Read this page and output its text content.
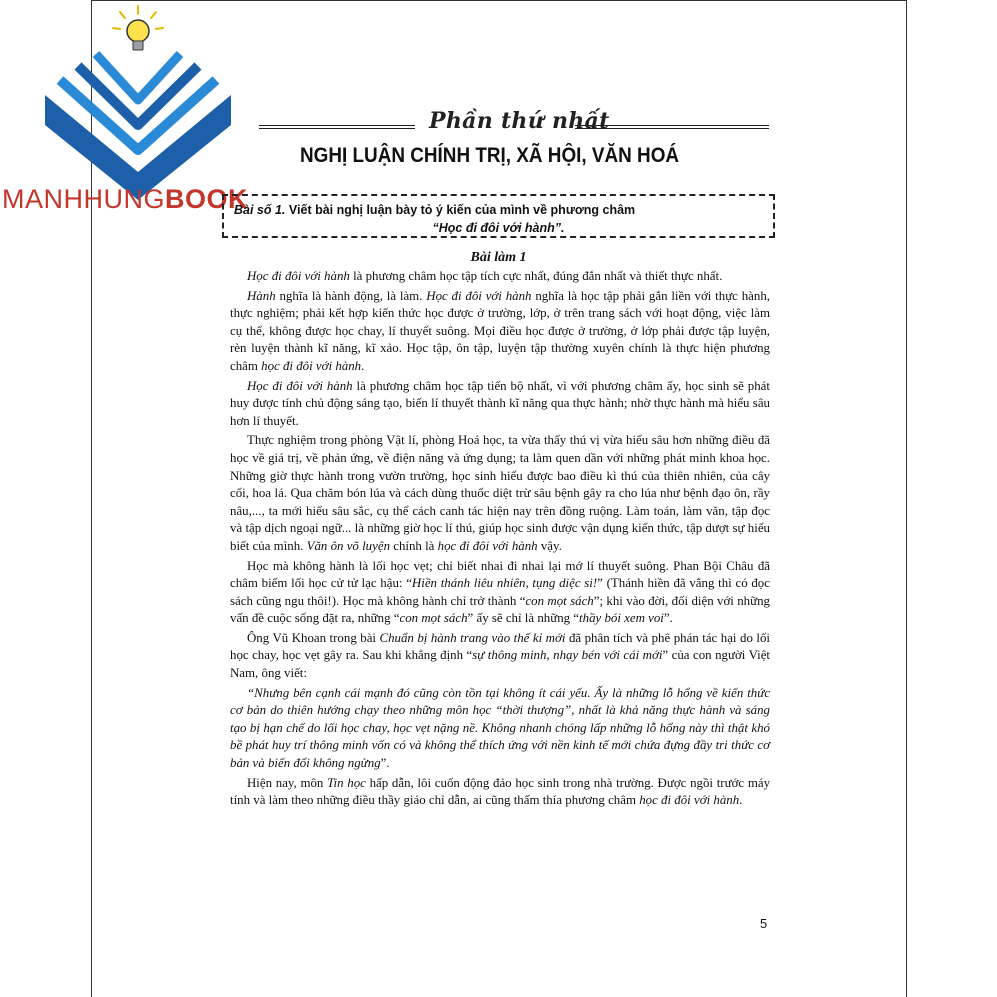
MANHHUNGBOOK
Phần thứ nhất
NGHỊ LUẬN CHÍNH TRỊ, XÃ HỘI, VĂN HOÁ
Bài số 1. Viết bài nghị luận bày tỏ ý kiến của mình về phương châm
“Học đi đôi với hành”.
Bài làm 1

Học đi đôi với hành là phương châm học tập tích cực nhất, đúng đắn nhất và thiết thực nhất.

Hành nghĩa là hành động, là làm. Học đi đôi với hành nghĩa là học tập phải gắn liền với thực hành, thực nghiệm; phải kết hợp kiến thức học được ở trường, lớp, ở trên trang sách với hoạt động, việc làm cụ thể, không được học chay, lí thuyết suông. Mọi điều học được ở trường, ở lớp phải được tập luyện, rèn luyện thành kĩ năng, kĩ xảo. Học tập, ôn tập, luyện tập thường xuyên chính là thực hiện phương châm học đi đôi với hành.

Học đi đôi với hành là phương châm học tập tiến bộ nhất, vì với phương châm ấy, học sinh sẽ phát huy được tính chủ động sáng tạo, biến lí thuyết thành kĩ năng qua thực hành; nhờ thực hành mà hiểu sâu hơn lí thuyết.

Thực nghiệm trong phòng Vật lí, phòng Hoá học, ta vừa thấy thú vị vừa hiểu sâu hơn những điều đã học về giá trị, về phản ứng, về điện năng và ứng dụng; ta làm quen dần với những phát minh khoa học. Những giờ thực hành trong vườn trường, học sinh hiểu được bao điều kì thú của thiên nhiên, của cây cối, hoa lá. Qua chăm bón lúa và cách dùng thuốc diệt trừ sâu bệnh gây ra cho lúa như bệnh đạo ôn, rầy nâu,..., ta mới hiểu sâu sắc, cụ thể cách canh tác hiện nay trên đồng ruộng. Làm toán, làm văn, tập đọc và tập dịch ngoại ngữ... là những giờ học lí thú, giúp học sinh được vận dụng kiến thức, tập dượt sự hiểu biết của mình. Văn ôn võ luyện chính là học đi đôi với hành vậy.

Học mà không hành là lối học vẹt; chỉ biết nhai đi nhai lại mớ lí thuyết suông. Phan Bội Châu đã châm biếm lối học cử tử lạc hậu: “Hiền thánh liêu nhiên, tụng diệc si!” (Thánh hiền đã vắng thì có đọc sách cũng ngu thôi!). Học mà không hành chỉ trở thành “con mọt sách”; khi vào đời, đối diện với những vấn đề cuộc sống đặt ra, những “con mọt sách” ấy sẽ chỉ là những “thầy bói xem voi”.

Ông Vũ Khoan trong bài Chuẩn bị hành trang vào thế kỉ mới đã phân tích và phê phán tác hại do lối học chay, học vẹt gây ra. Sau khi khẳng định “sự thông minh, nhạy bén với cái mới” của con người Việt Nam, ông viết:

“Nhưng bên cạnh cái mạnh đó cũng còn tồn tại không ít cái yếu. Ấy là những lỗ hổng về kiến thức cơ bản do thiên hướng chạy theo những môn học “thời thượng”, nhất là khả năng thực hành và sáng tạo bị hạn chế do lối học chay, học vẹt nặng nề. Không nhanh chóng lấp những lỗ hổng này thì thật khó bề phát huy trí thông minh vốn có và không thể thích ứng với nền kinh tế mới chứa đựng đầy tri thức cơ bản và biến đổi không ngừng”.

Hiện nay, môn Tin học hấp dẫn, lôi cuốn động đảo học sinh trong nhà trường. Được ngồi trước máy tính và làm theo những điều thầy giáo chỉ dẫn, ai cũng thấm thía phương châm học đi đôi với hành.

5
